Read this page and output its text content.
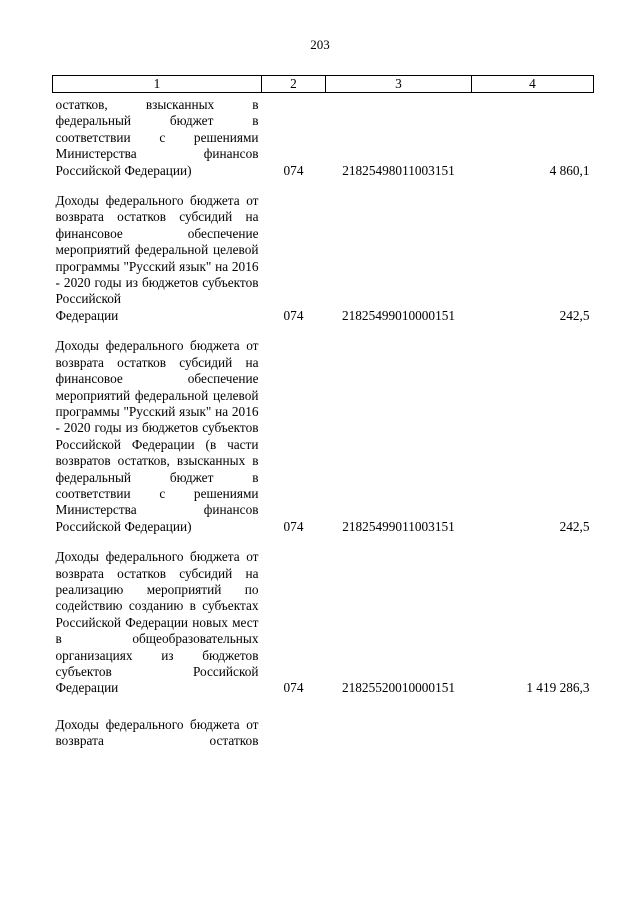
203
1	2	3	4
остатков, взысканных в федеральный бюджет в соответствии с решениями Министерства финансов
Российской Федерации)	074	21825498011003151	4 860,1
Доходы федерального бюджета от возврата остатков субсидий на финансовое обеспечение мероприятий федеральной целевой программы "Русский язык" на 2016 - 2020 годы из бюджетов субъектов Российской
Федерации	074	21825499010000151	242,5
Доходы федерального бюджета от возврата остатков субсидий на финансовое обеспечение мероприятий федеральной целевой программы "Русский язык" на 2016 - 2020 годы из бюджетов субъектов Российской Федерации (в части возвратов остатков, взысканных в федеральный бюджет в соответствии с решениями Министерства финансов
Российской Федерации)	074	21825499011003151	242,5
Доходы федерального бюджета от возврата остатков субсидий на реализацию мероприятий по содействию созданию в субъектах Российской Федерации новых мест в общеобразовательных организациях из бюджетов субъектов Российской
Федерации	074	21825520010000151	1 419 286,3
Доходы федерального бюджета от возврата остатков			
